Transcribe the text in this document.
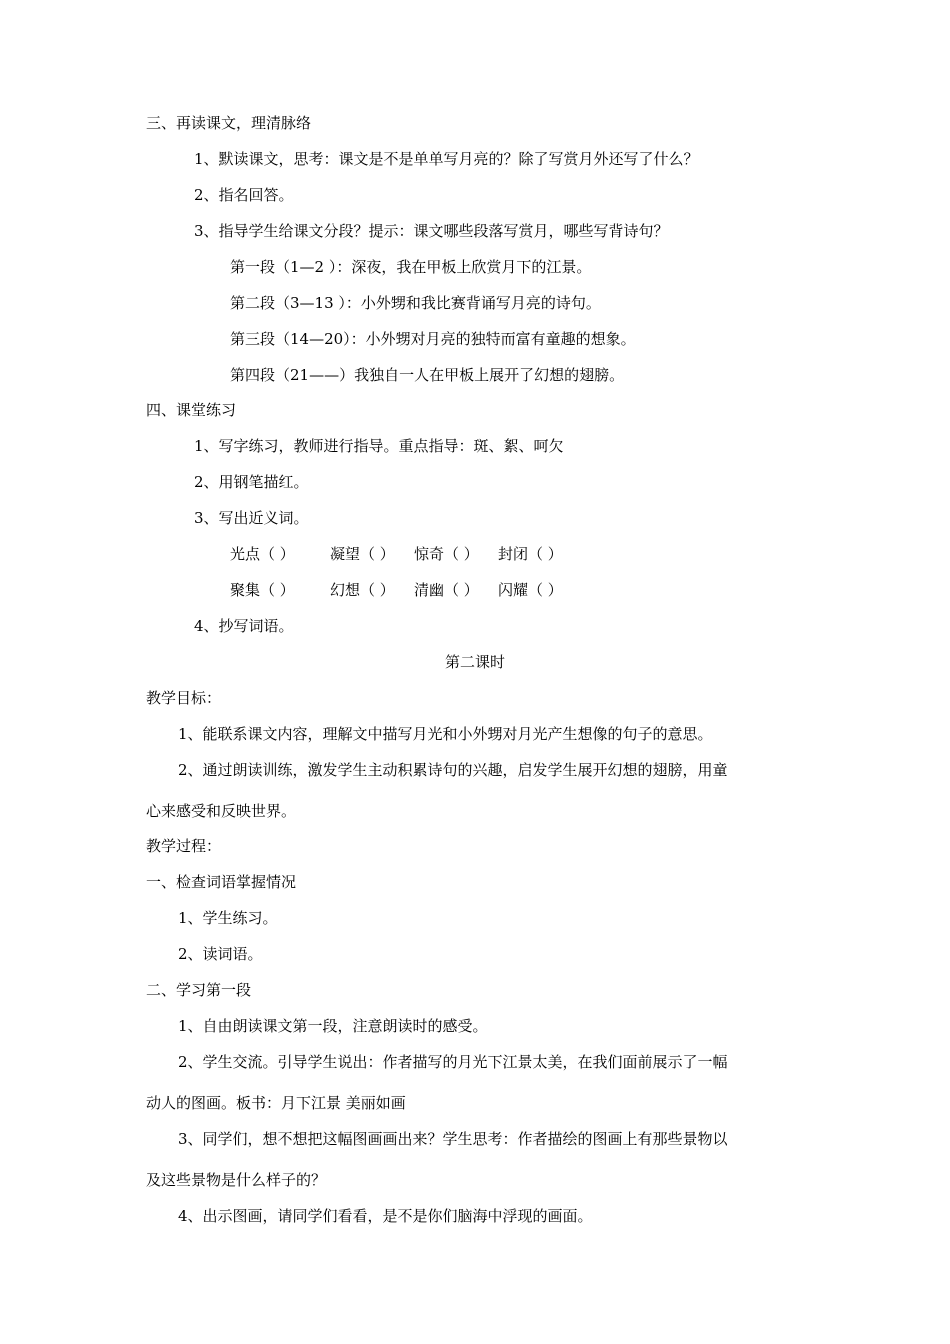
三、再读课文，理清脉络
1、默读课文，思考：课文是不是单单写月亮的？除了写赏月外还写了什么？
2、指名回答。
3、指导学生给课文分段？提示：课文哪些段落写赏月，哪些写背诗句？
第一段（1—2 ）：深夜，我在甲板上欣赏月下的江景。
第二段（3—13 ）：小外甥和我比赛背诵写月亮的诗句。
第三段（14—20）：小外甥对月亮的独特而富有童趣的想象。
第四段（21——）我独自一人在甲板上展开了幻想的翅膀。
四、课堂练习
1、写字练习，教师进行指导。重点指导：斑、絮、呵欠
2、用钢笔描红。
3、写出近义词。
光点（ ） 凝望（ ） 惊奇（ ） 封闭（ ）
聚集（ ） 幻想（ ） 清幽（ ） 闪耀（ ）
4、抄写词语。
第二课时
教学目标：
1、能联系课文内容，理解文中描写月光和小外甥对月光产生想像的句子的意思。
2、通过朗读训练，激发学生主动积累诗句的兴趣，启发学生展开幻想的翅膀，用童
心来感受和反映世界。
教学过程：
一、检查词语掌握情况
1、学生练习。
2、读词语。
二、学习第一段
1、自由朗读课文第一段，注意朗读时的感受。
2、学生交流。引导学生说出：作者描写的月光下江景太美，在我们面前展示了一幅
动人的图画。板书：月下江景 美丽如画
3、同学们，想不想把这幅图画画出来？学生思考：作者描绘的图画上有那些景物以
及这些景物是什么样子的？
4、出示图画，请同学们看看，是不是你们脑海中浮现的画面。
